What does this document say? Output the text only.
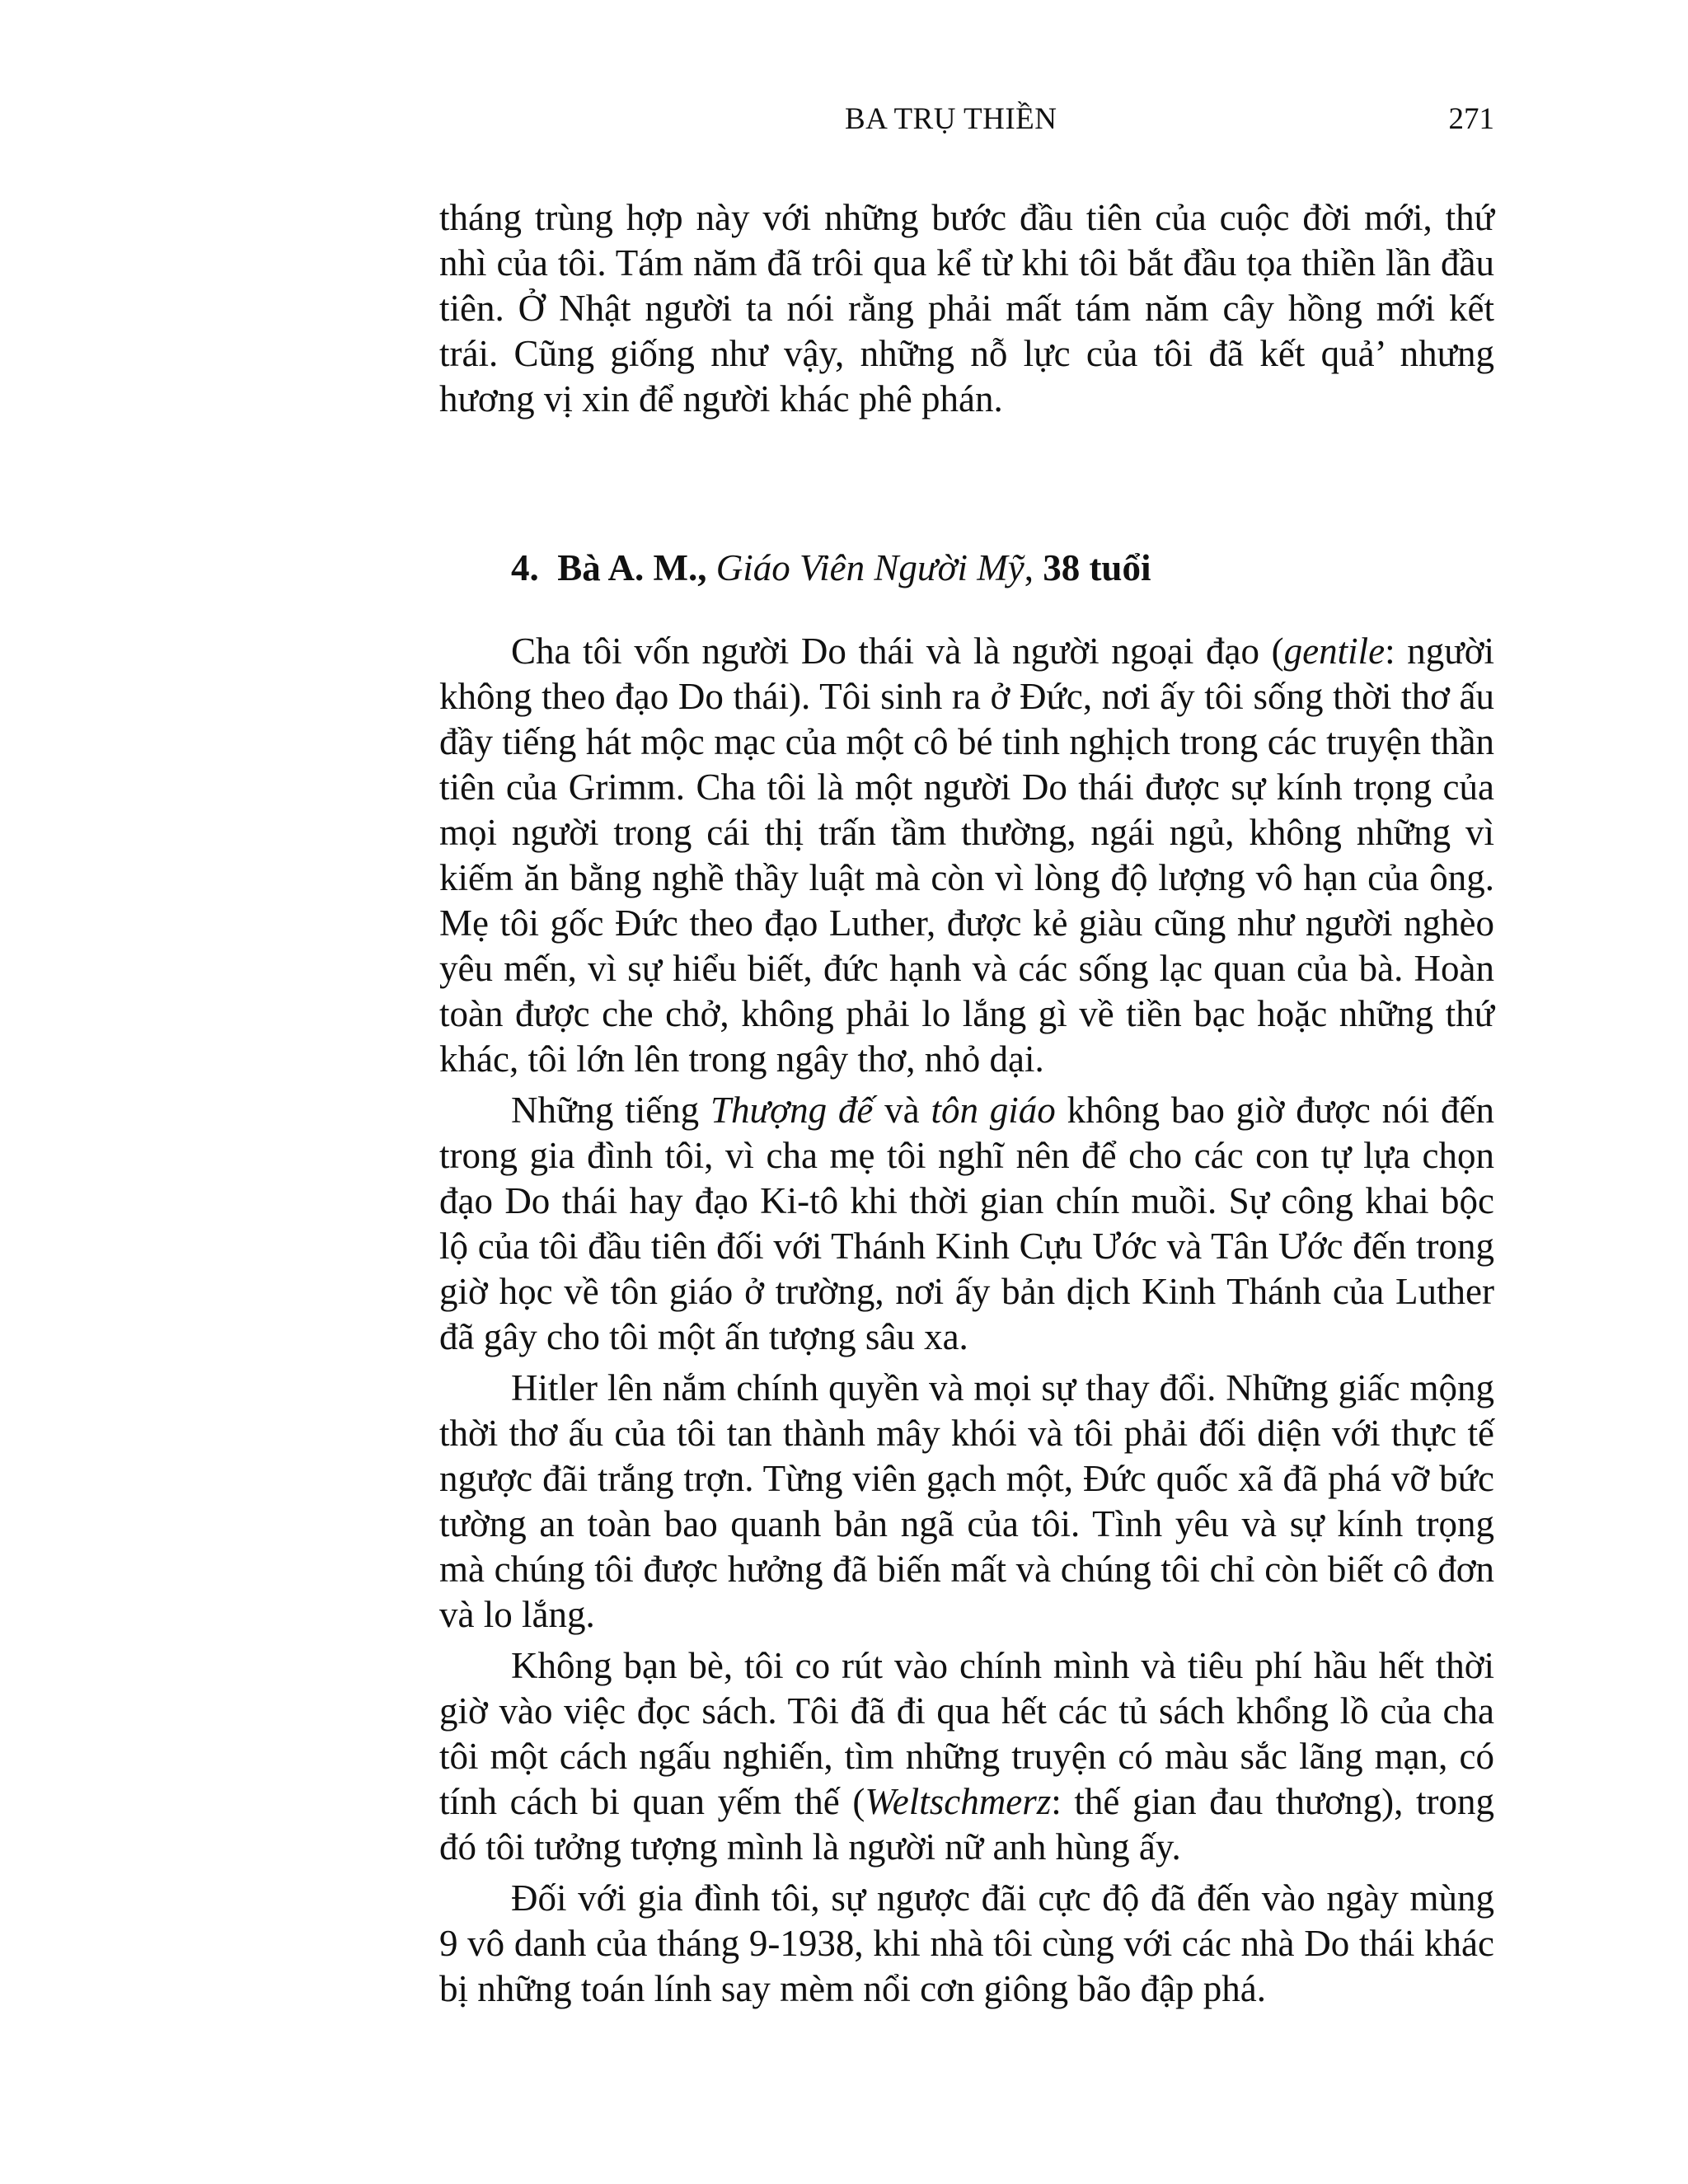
BA TRỤ THIỀN	271

tháng trùng hợp này với những bước đầu tiên của cuộc đời mới, thứ nhì của tôi. Tám năm đã trôi qua kể từ khi tôi bắt đầu tọa thiền lần đầu tiên. Ở Nhật người ta nói rằng phải mất tám năm cây hồng mới kết trái. Cũng giống như vậy, những nỗ lực của tôi đã kết quả’ nhưng hương vị xin để người khác phê phán.

4. Bà A. M., Giáo Viên Người Mỹ, 38 tuổi

Cha tôi vốn người Do thái và là người ngoại đạo (gentile: người không theo đạo Do thái). Tôi sinh ra ở Đức, nơi ấy tôi sống thời thơ ấu đầy tiếng hát mộc mạc của một cô bé tinh nghịch trong các truyện thần tiên của Grimm. Cha tôi là một người Do thái được sự kính trọng của mọi người trong cái thị trấn tầm thường, ngái ngủ, không những vì kiếm ăn bằng nghề thầy luật mà còn vì lòng độ lượng vô hạn của ông. Mẹ tôi gốc Đức theo đạo Luther, được kẻ giàu cũng như người nghèo yêu mến, vì sự hiểu biết, đức hạnh và các sống lạc quan của bà. Hoàn toàn được che chở, không phải lo lắng gì về tiền bạc hoặc những thứ khác, tôi lớn lên trong ngây thơ, nhỏ dại.

Những tiếng Thượng đế và tôn giáo không bao giờ được nói đến trong gia đình tôi, vì cha mẹ tôi nghĩ nên để cho các con tự lựa chọn đạo Do thái hay đạo Ki-tô khi thời gian chín muồi. Sự công khai bộc lộ của tôi đầu tiên đối với Thánh Kinh Cựu Ước và Tân Ước đến trong giờ học về tôn giáo ở trường, nơi ấy bản dịch Kinh Thánh của Luther đã gây cho tôi một ấn tượng sâu xa.

Hitler lên nắm chính quyền và mọi sự thay đổi. Những giấc mộng thời thơ ấu của tôi tan thành mây khói và tôi phải đối diện với thực tế ngược đãi trắng trợn. Từng viên gạch một, Đức quốc xã đã phá vỡ bức tường an toàn bao quanh bản ngã của tôi. Tình yêu và sự kính trọng mà chúng tôi được hưởng đã biến mất và chúng tôi chỉ còn biết cô đơn và lo lắng.

Không bạn bè, tôi co rút vào chính mình và tiêu phí hầu hết thời giờ vào việc đọc sách. Tôi đã đi qua hết các tủ sách khổng lồ của cha tôi một cách ngấu nghiến, tìm những truyện có màu sắc lãng mạn, có tính cách bi quan yếm thế (Weltschmerz: thế gian đau thương), trong đó tôi tưởng tượng mình là người nữ anh hùng ấy.

Đối với gia đình tôi, sự ngược đãi cực độ đã đến vào ngày mùng 9 vô danh của tháng 9-1938, khi nhà tôi cùng với các nhà Do thái khác bị những toán lính say mèm nổi cơn giông bão đập phá.
